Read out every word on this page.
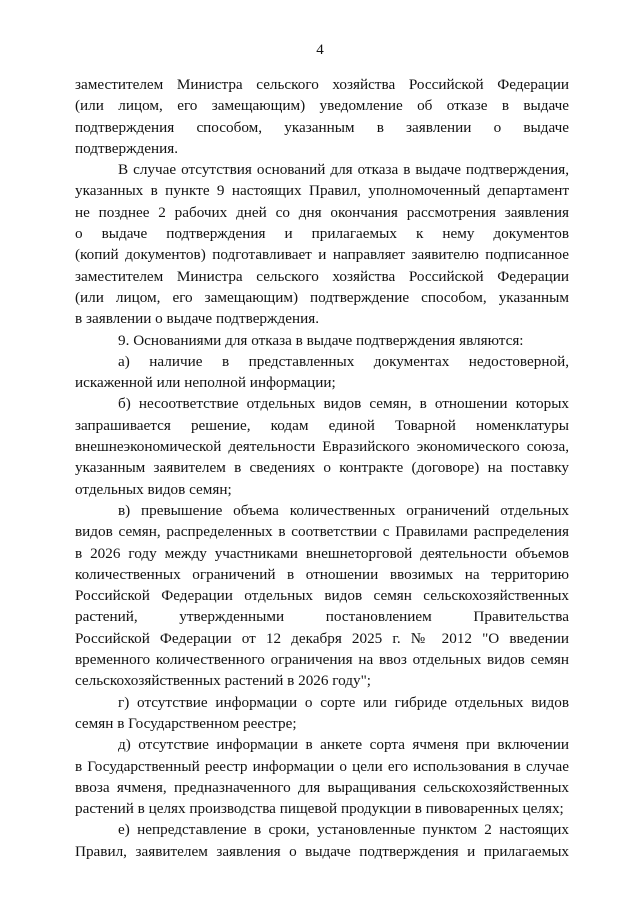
4
заместителем Министра сельского хозяйства Российской Федерации
(или лицом, его замещающим) уведомление об отказе в выдаче
подтверждения способом, указанным в заявлении о выдаче
подтверждения.
В случае отсутствия оснований для отказа в выдаче подтверждения,
указанных в пункте 9 настоящих Правил, уполномоченный департамент
не позднее 2 рабочих дней со дня окончания рассмотрения заявления
о выдаче подтверждения и прилагаемых к нему документов
(копий документов) подготавливает и направляет заявителю подписанное
заместителем Министра сельского хозяйства Российской Федерации
(или лицом, его замещающим) подтверждение способом, указанным
в заявлении о выдаче подтверждения.
9. Основаниями для отказа в выдаче подтверждения являются:
а) наличие в представленных документах недостоверной,
искаженной или неполной информации;
б) несоответствие отдельных видов семян, в отношении которых
запрашивается решение, кодам единой Товарной номенклатуры
внешнеэкономической деятельности Евразийского экономического союза,
указанным заявителем в сведениях о контракте (договоре) на поставку
отдельных видов семян;
в) превышение объема количественных ограничений отдельных
видов семян, распределенных в соответствии с Правилами распределения
в 2026 году между участниками внешнеторговой деятельности объемов
количественных ограничений в отношении ввозимых на территорию
Российской Федерации отдельных видов семян сельскохозяйственных
растений, утвержденными постановлением Правительства
Российской Федерации от 12 декабря 2025 г. № 2012 "О введении
временного количественного ограничения на ввоз отдельных видов семян
сельскохозяйственных растений в 2026 году";
г) отсутствие информации о сорте или гибриде отдельных видов
семян в Государственном реестре;
д) отсутствие информации в анкете сорта ячменя при включении
в Государственный реестр информации о цели его использования в случае
ввоза ячменя, предназначенного для выращивания сельскохозяйственных
растений в целях производства пищевой продукции в пивоваренных целях;
е) непредставление в сроки, установленные пунктом 2 настоящих
Правил, заявителем заявления о выдаче подтверждения и прилагаемых
